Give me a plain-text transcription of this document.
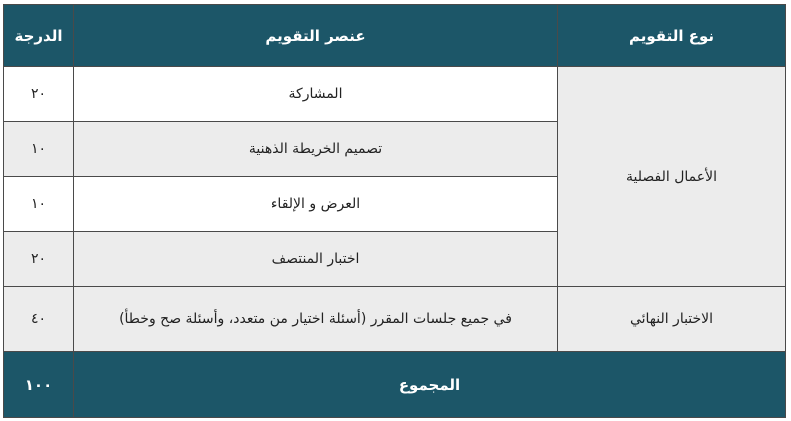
نوع التقويم	عنصر التقويم	الدرجة
الأعمال الفصلية	المشاركة	٢٠
	تصميم الخريطة الذهنية	١٠
	العرض و الإلقاء	١٠
	اختبار المنتصف	٢٠
الاختبار النهائي	في جميع جلسات المقرر (أسئلة اختيار من متعدد، وأسئلة صح وخطأ)	٤٠
المجموع		١٠٠
